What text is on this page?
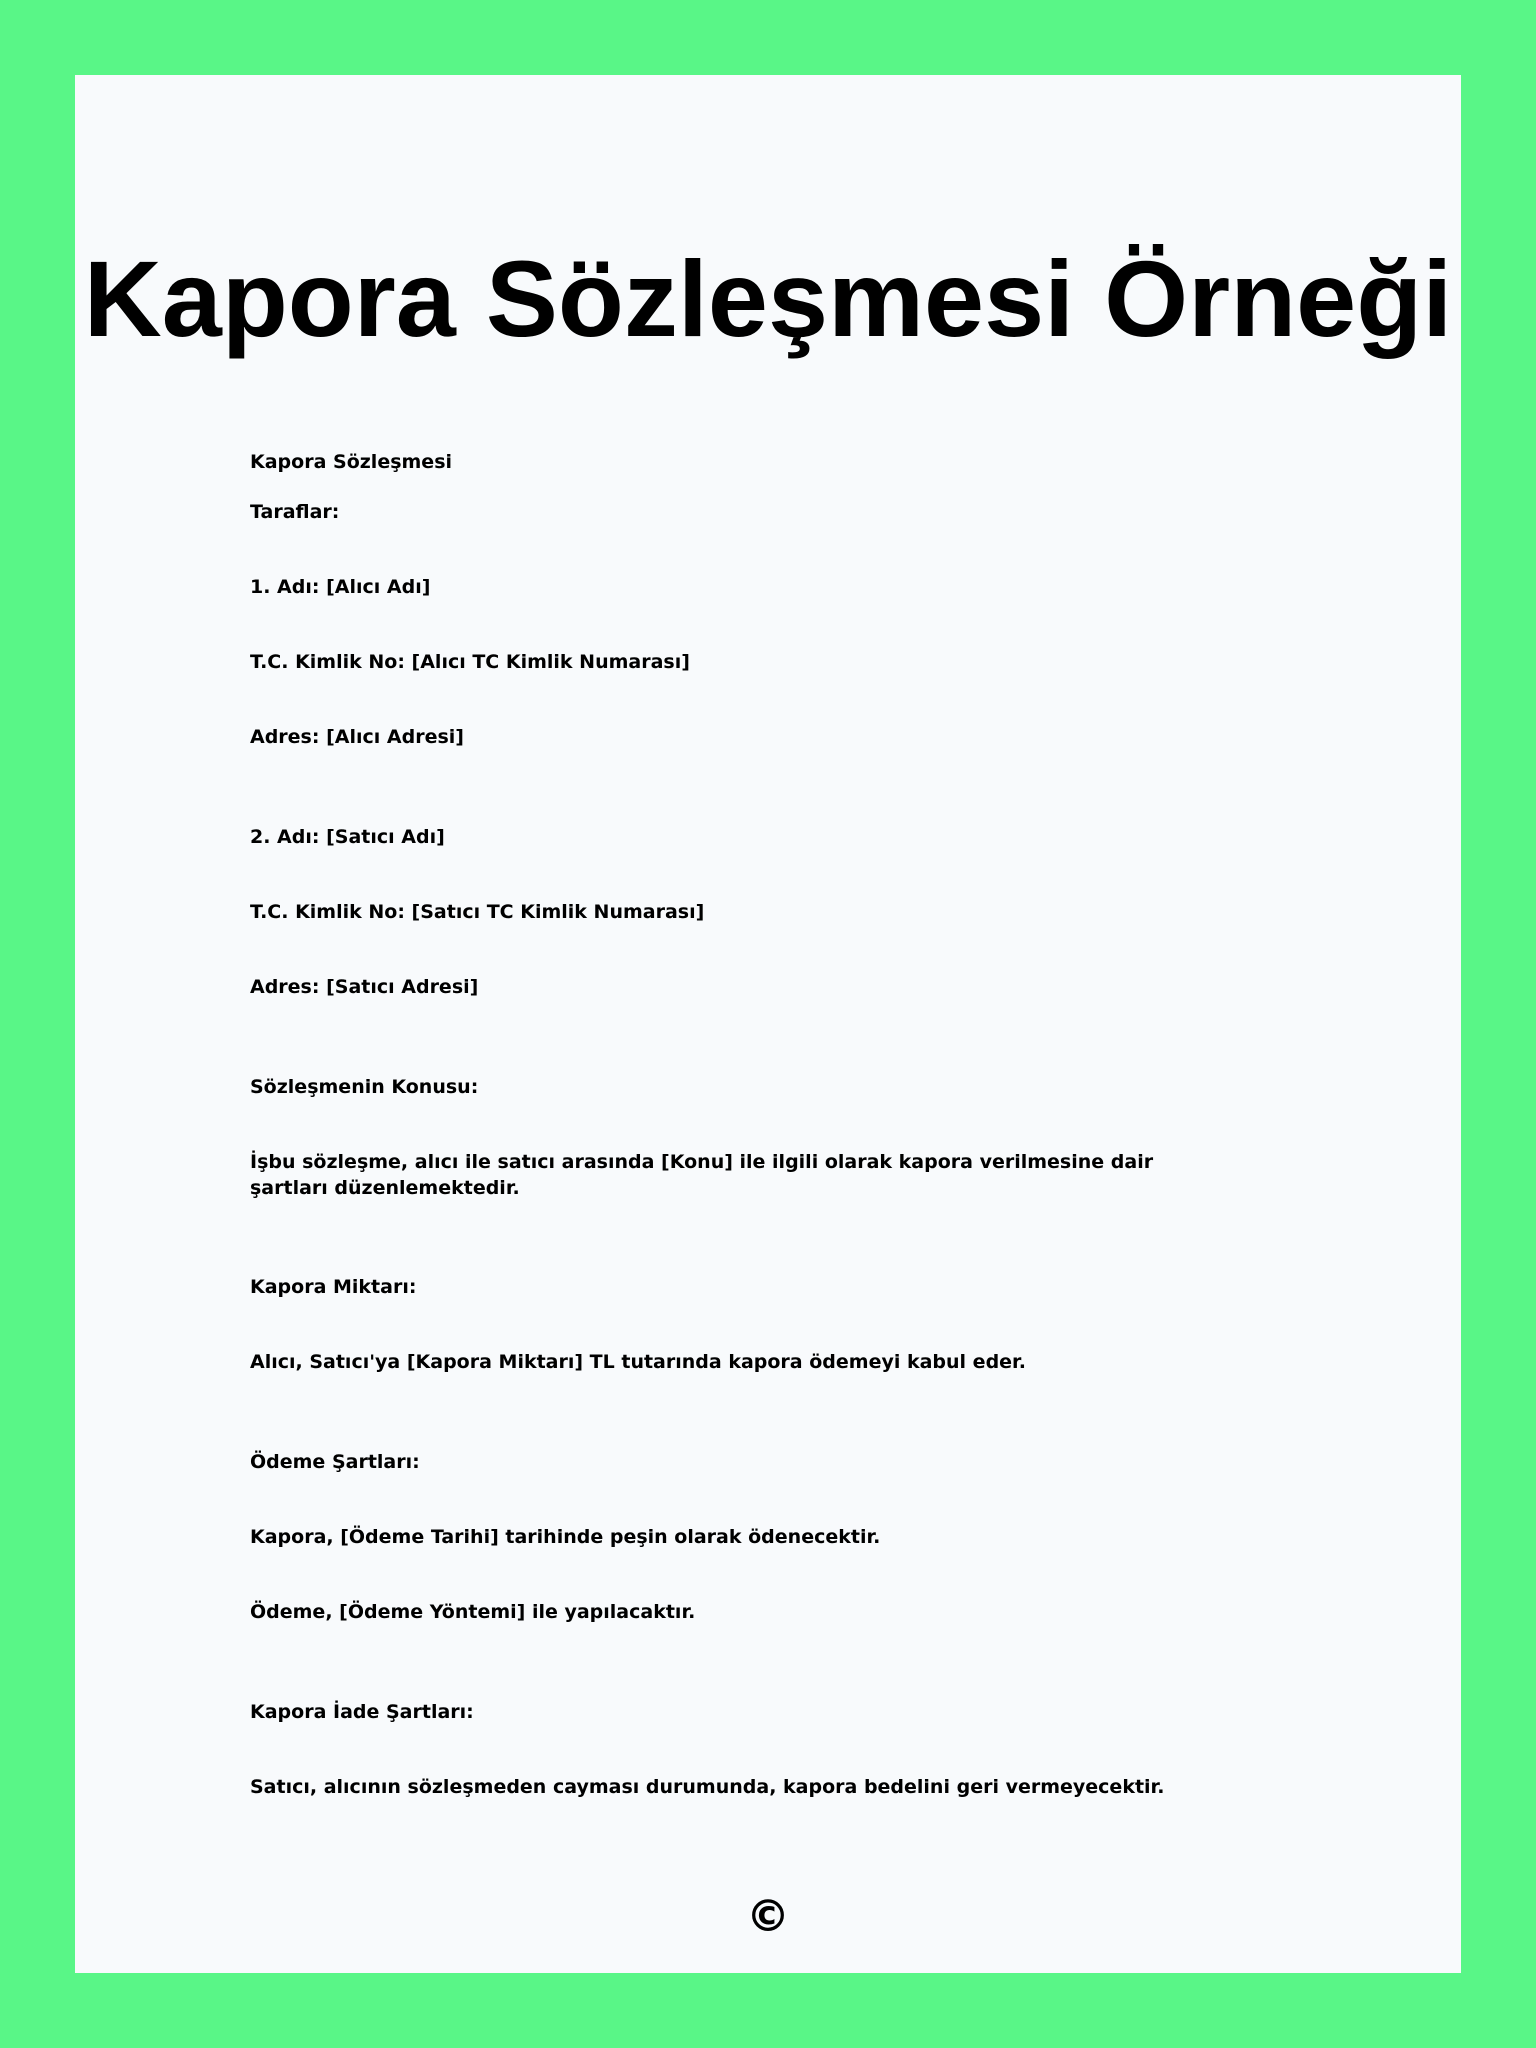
Kapora Sözleşmesi Örneği
Kapora Sözleşmesi
Taraflar:
1. Adı: [Alıcı Adı]
T.C. Kimlik No: [Alıcı TC Kimlik Numarası]
Adres: [Alıcı Adresi]
2. Adı: [Satıcı Adı]
T.C. Kimlik No: [Satıcı TC Kimlik Numarası]
Adres: [Satıcı Adresi]
Sözleşmenin Konusu:
İşbu sözleşme, alıcı ile satıcı arasında [Konu] ile ilgili olarak kapora verilmesine dair şartları düzenlemektedir.
Kapora Miktarı:
Alıcı, Satıcı'ya [Kapora Miktarı] TL tutarında kapora ödemeyi kabul eder.
Ödeme Şartları:
Kapora, [Ödeme Tarihi] tarihinde peşin olarak ödenecektir.
Ödeme, [Ödeme Yöntemi] ile yapılacaktır.
Kapora İade Şartları:
Satıcı, alıcının sözleşmeden cayması durumunda, kapora bedelini geri vermeyecektir.
©
